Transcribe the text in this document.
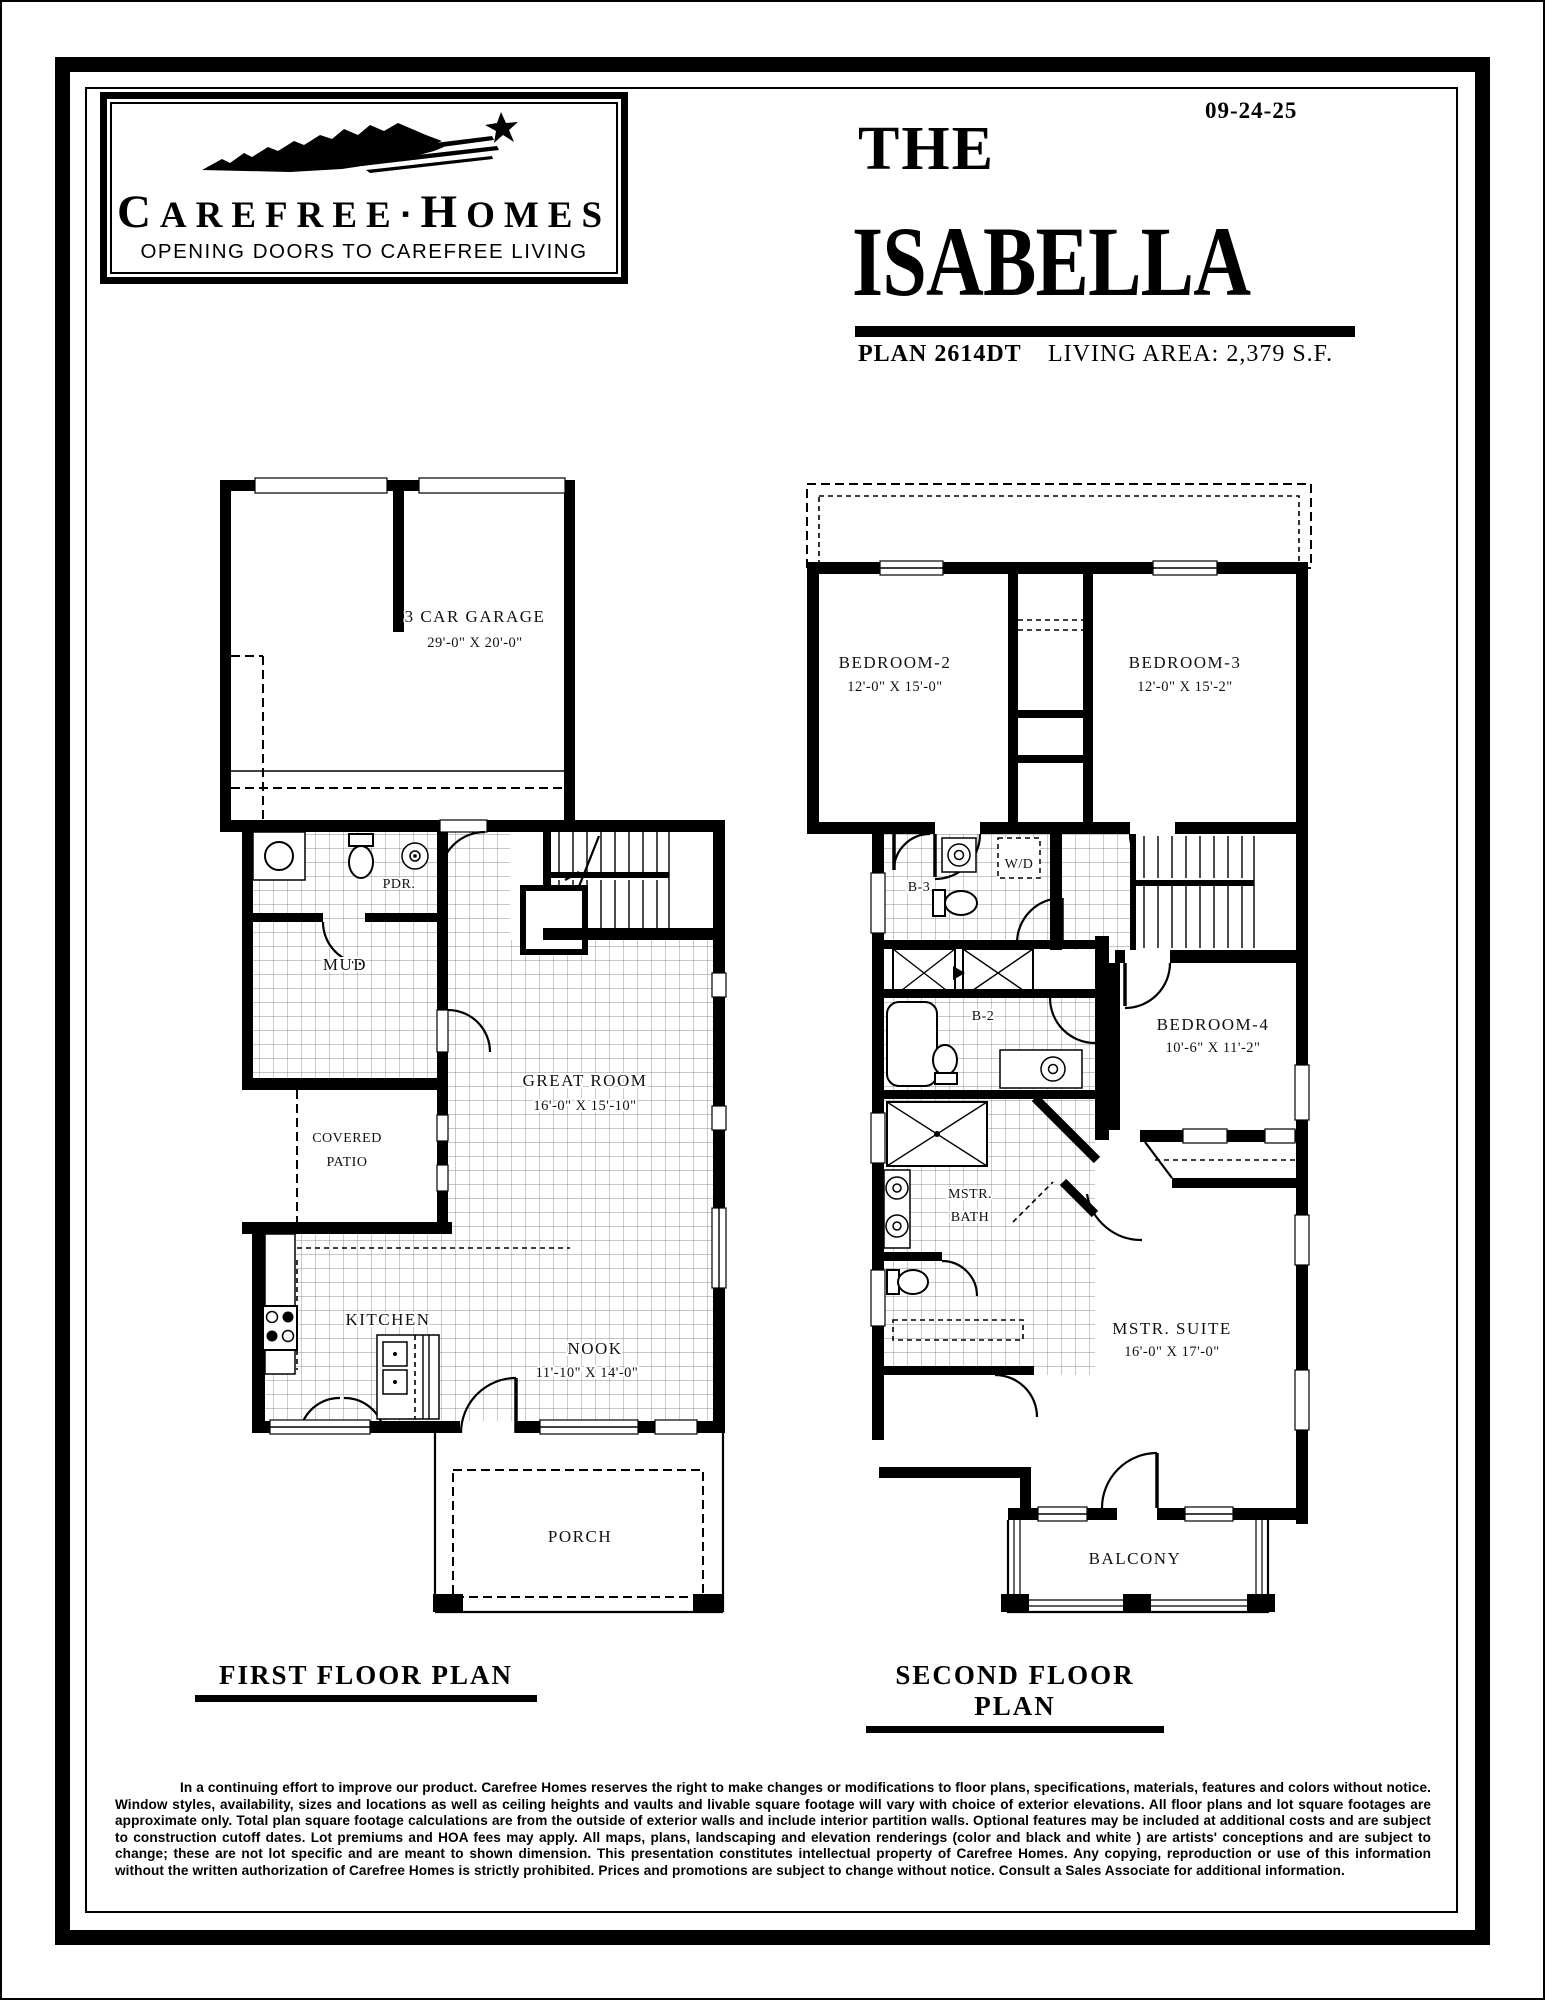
CAREFREE▪HOMES
OPENING DOORS TO CAREFREE LIVING
09-24-25
THE
ISABELLA
PLAN 2614DT LIVING AREA: 2,379 S.F.
3 CAR GARAGE
29'-0" X 20'-0"
PDR.
MUD
COVERED
PATIO
KITCHEN
GREAT ROOM
16'-0" X 15'-10"
NOOK
11'-10" X 14'-0"
PORCH
BEDROOM-2
12'-0" X 15'-0"
BEDROOM-3
12'-0" X 15'-2"
B-3
W/D
BEDROOM-4
10'-6" X 11'-2"
B-2
MSTR.
BATH
MSTR. SUITE
16'-0" X 17'-0"
BALCONY
FIRST FLOOR PLAN	SECOND FLOOR PLAN
In a continuing effort to improve our product. Carefree Homes reserves the right to make changes or modifications to floor plans, specifications, materials, features and colors without notice. Window styles, availability, sizes and locations as well as ceiling heights and vaults and livable square footage will vary with choice of exterior elevations. All floor plans and lot square footages are approximate only. Total plan square footage calculations are from the outside of exterior walls and include interior partition walls. Optional features may be included at additional costs and are subject to construction cutoff dates. Lot premiums and HOA fees may apply. All maps, plans, landscaping and elevation renderings (color and black and white ) are artists' conceptions and are subject to change; these are not lot specific and are meant to shown dimension. This presentation constitutes intellectual property of Carefree Homes. Any copying, reproduction or use of this information without the written authorization of Carefree Homes is strictly prohibited. Prices and promotions are subject to change without notice. Consult a Sales Associate for additional information.
